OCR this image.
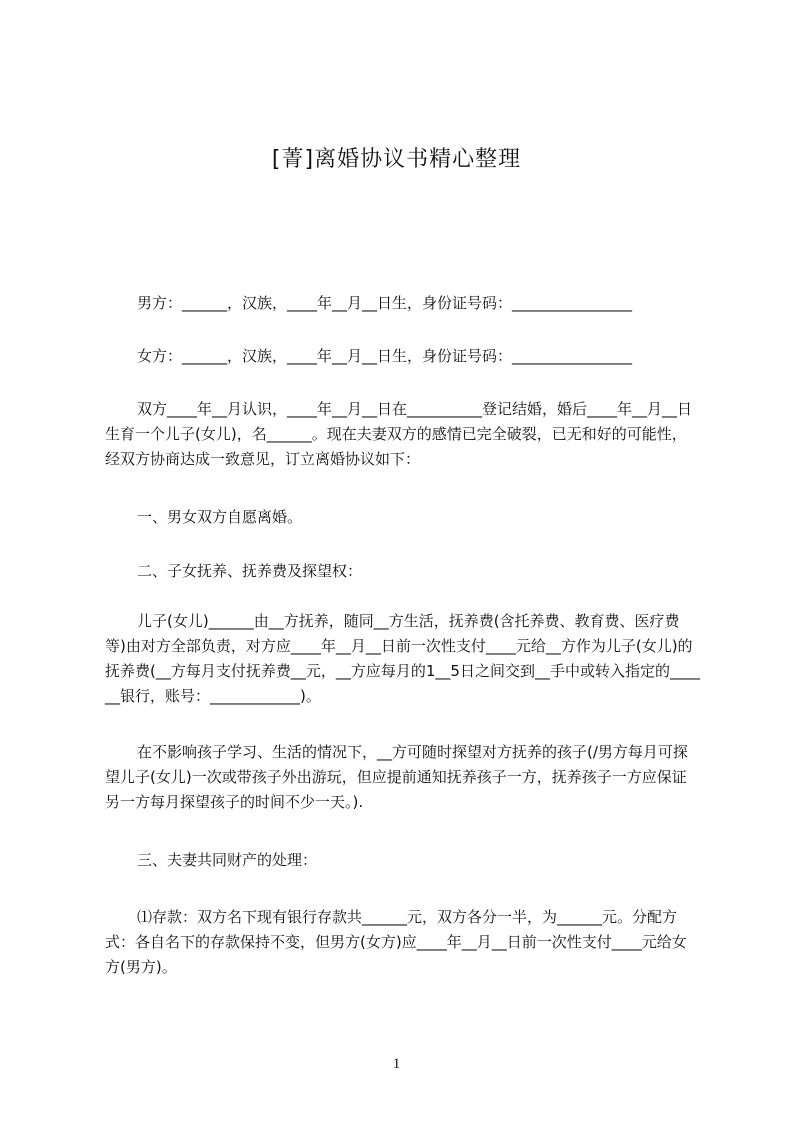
[菁]离婚协议书精心整理
男方：______，汉族，____年__月__日生，身份证号码：________________
女方：______，汉族，____年__月__日生，身份证号码：________________
双方____年__月认识，____年__月__日在__________登记结婚，婚后____年__月__日生育一个儿子(女儿)，名______。现在夫妻双方的感情已完全破裂，已无和好的可能性，经双方协商达成一致意见，订立离婚协议如下：
一、男女双方自愿离婚。
二、子女抚养、抚养费及探望权：
儿子(女儿)______由__方抚养，随同__方生活，抚养费(含托养费、教育费、医疗费等)由对方全部负责，对方应____年__月__日前一次性支付____元给__方作为儿子(女儿)的抚养费(__方每月支付抚养费__元，__方应每月的1__5日之间交到__手中或转入指定的______银行，账号：____________)。
在不影响孩子学习、生活的情况下，__方可随时探望对方抚养的孩子(/男方每月可探望儿子(女儿)一次或带孩子外出游玩，但应提前通知抚养孩子一方，抚养孩子一方应保证另一方每月探望孩子的时间不少一天。).
三、夫妻共同财产的处理：
⑴存款：双方名下现有银行存款共______元，双方各分一半，为______元。分配方式：各自名下的存款保持不变，但男方(女方)应____年__月__日前一次性支付____元给女方(男方)。
1
